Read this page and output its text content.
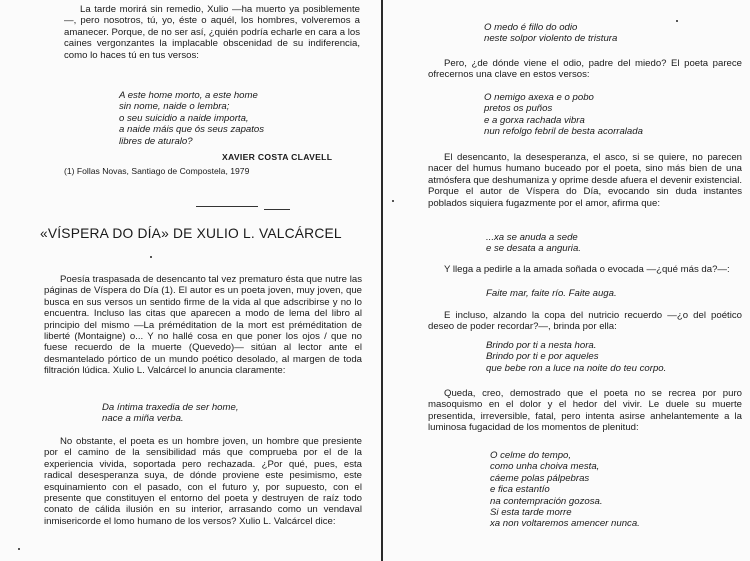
La tarde morirá sin remedio, Xulio —ha muerto ya posiblemente—, pero nosotros, tú, yo, éste o aquél, los hombres, volveremos a amanecer. Porque, de no ser así, ¿quién podría echarle en cara a los caines vergonzantes la implacable obscenidad de su indiferencia, como lo haces tú en tus versos:

A este home morto, a este home
sin nome, naide o lembra;
o seu suicidio a naide importa,
a naide máis que ós seus zapatos
libres de aturalo?
XAVIER COSTA CLAVELL
(1) Follas Novas, Santiago de Compostela, 1979
«VÍSPERA DO DÍA» DE XULIO L. VALCÁRCEL

Poesía traspasada de desencanto tal vez prematuro ésta que nutre las páginas de Víspera do Día (1). El autor es un poeta joven, muy joven, que busca en sus versos un sentido firme de la vida al que adscribirse y no lo encuentra. Incluso las citas que aparecen a modo de lema del libro al principio del mismo —La préméditation de la mort est préméditation de liberté (Montaigne) o... Y no hallé cosa en que poner los ojos / que no fuese recuerdo de la muerte (Quevedo)— sitúan al lector ante el desmantelado pórtico de un mundo poético desolado, al margen de toda filtración lúdica. Xulio L. Valcárcel lo anuncia claramente:

Da íntima traxedia de ser home,
nace a miña verba.

No obstante, el poeta es un hombre joven, un hombre que presiente por el camino de la sensibilidad más que comprueba por el de la experiencia vivida, soportada pero rechazada. ¿Por qué, pues, esta radical desesperanza suya, de dónde proviene este pesimismo, este esquinamiento con el pasado, con el futuro y, por supuesto, con el presente que constituyen el entorno del poeta y destruyen de raíz todo conato de cálida ilusión en su interior, arrasando como un vendaval inmisericorde el lomo humano de los versos? Xulio L. Valcárcel dice:

O medo é fillo do odio
neste solpor violento de tristura

Pero, ¿de dónde viene el odio, padre del miedo? El poeta parece ofrecernos una clave en estos versos:

O nemigo axexa e o pobo
pretos os puños
e a gorxa rachada vibra
nun refolgo febril de besta acorralada

El desencanto, la desesperanza, el asco, si se quiere, no parecen nacer del humus humano buceado por el poeta, sino más bien de una atmósfera que deshumaniza y oprime desde afuera el devenir existencial. Porque el autor de Víspera do Día, evocando sin duda instantes poblados siquiera fugazmente por el amor, afirma que:

...xa se anuda a sede
e se desata a anguria.

Y llega a pedirle a la amada soñada o evocada —¿qué más da?—:

Faite mar, faite río. Faite auga.

E incluso, alzando la copa del nutricio recuerdo —¿o del poético deseo de poder recordar?—, brinda por ella:

Brindo por ti a nesta hora.
Brindo por ti e por aqueles
que bebe ron a luce na noite do teu corpo.

Queda, creo, demostrado que el poeta no se recrea por puro masoquismo en el dolor y el hedor del vivir. Le duele su muerte presentida, irreversible, fatal, pero intenta asirse anhelantemente a la luminosa fugacidad de los momentos de plenitud:

O celme do tempo,
como unha choiva mesta,
cáeme polas pálpebras
e fica estantío
na contempración gozosa.
Si esta tarde morre
xa non voltaremos amencer nunca.
